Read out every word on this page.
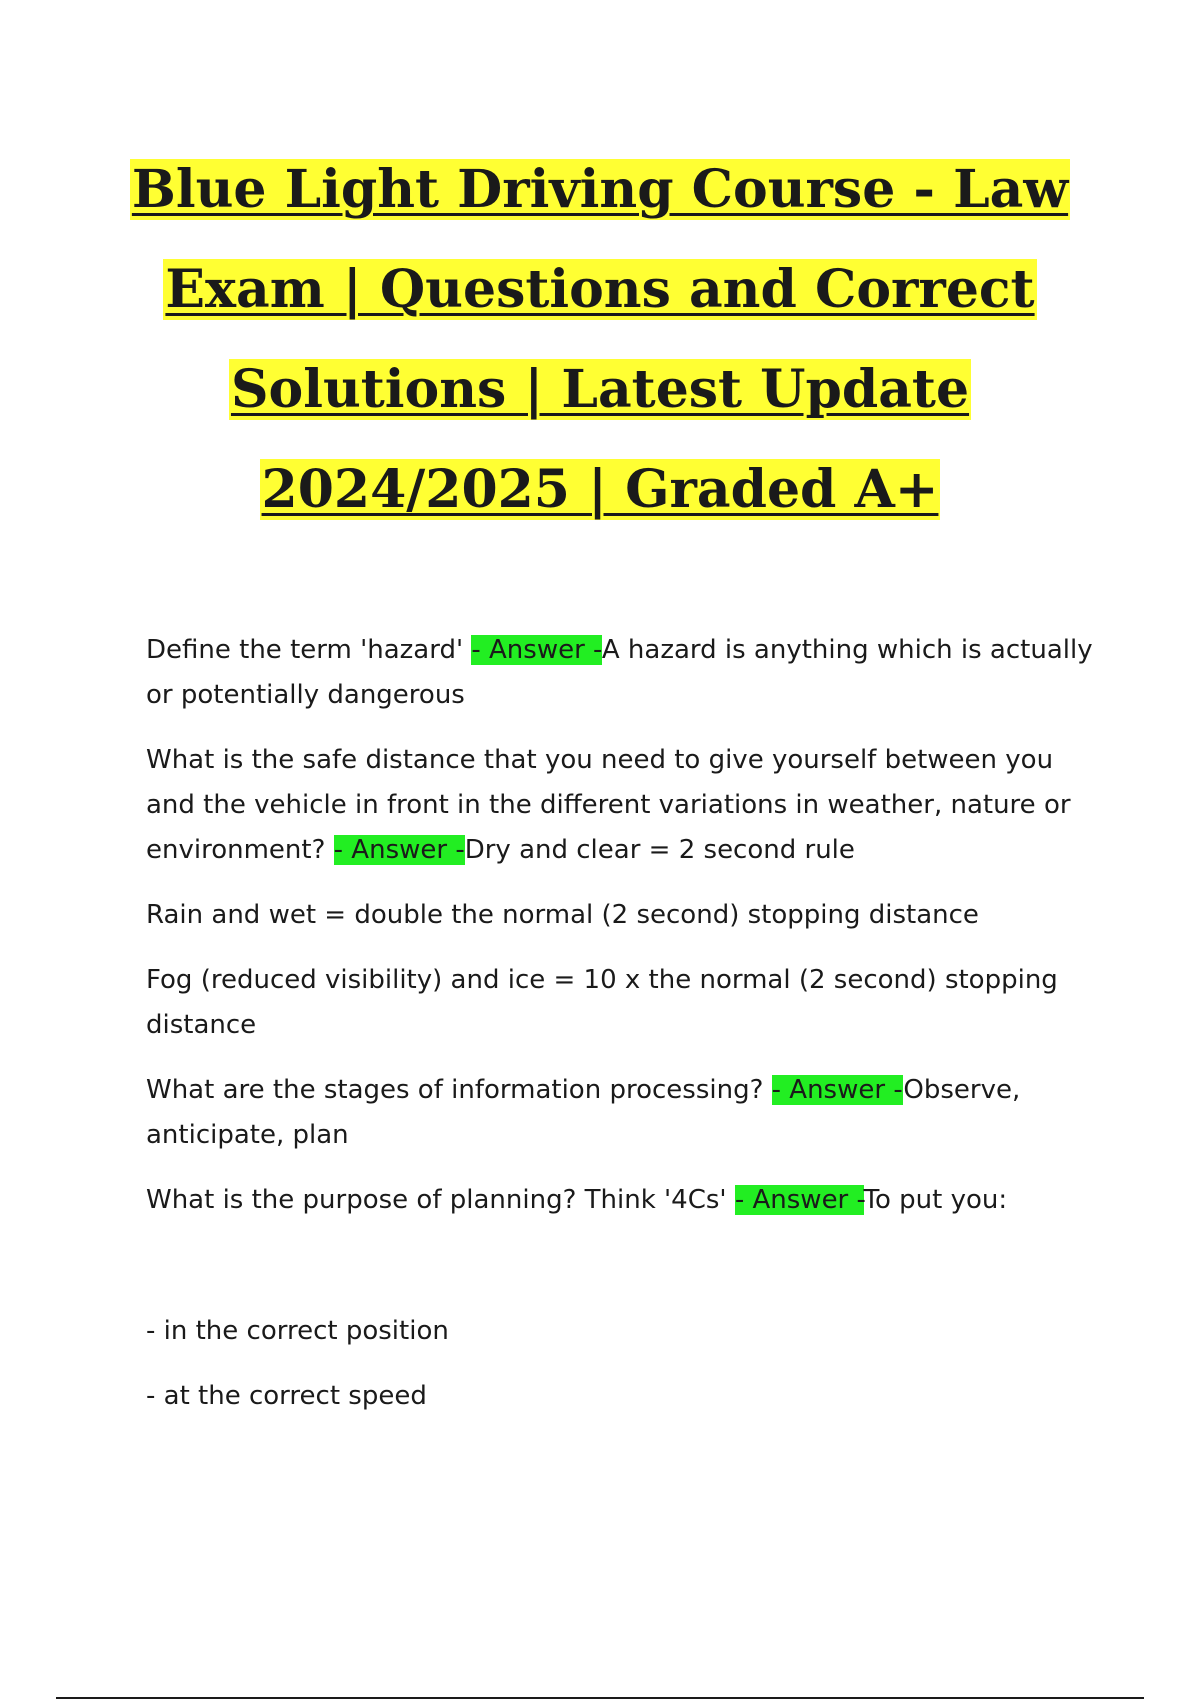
Blue Light Driving Course - Law
Exam | Questions and Correct
Solutions | Latest Update
2024/2025 | Graded A+

Define the term 'hazard' - Answer -A hazard is anything which is actually or potentially dangerous

What is the safe distance that you need to give yourself between you and the vehicle in front in the different variations in weather, nature or environment? - Answer -Dry and clear = 2 second rule

Rain and wet = double the normal (2 second) stopping distance

Fog (reduced visibility) and ice = 10 x the normal (2 second) stopping distance

What are the stages of information processing? - Answer -Observe, anticipate, plan

What is the purpose of planning? Think '4Cs' - Answer -To put you:

- in the correct position

- at the correct speed
